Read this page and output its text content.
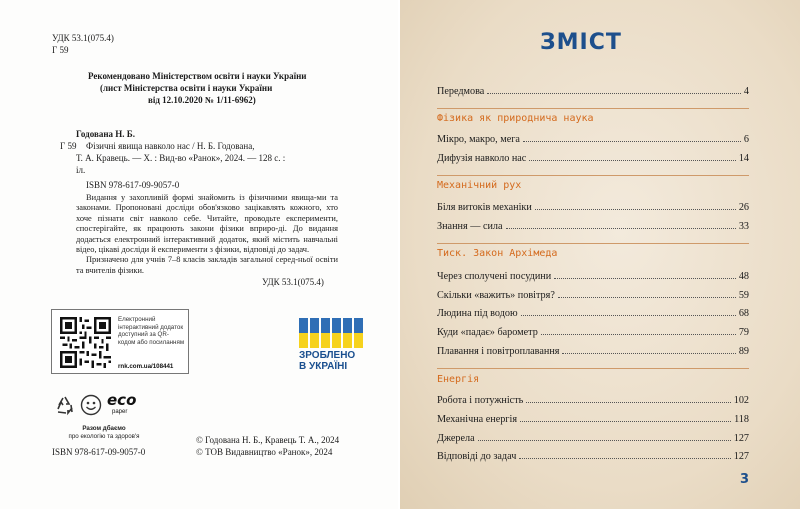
УДК 53.1(075.4)
Г 59
Рекомендовано Міністерством освіти і науки України
(лист Міністерства освіти і науки України
від 12.10.2020 № 1/11-6962)
Г 59
Годована Н. Б.
Фізичні явища навколо нас / Н. Б. Годована,
Т. А. Кравець. — Х. : Вид-во «Ранок», 2024. — 128 с. :
іл.
ISBN 978-617-09-9057-0

Видання у захопливій формі знайомить із фізичними явища-ми та законами. Пропоновані досліди обов'язково зацікавлять кожного, хто хоче пізнати світ навколо себе. Читайте, проводьте експерименти, спостерігайте, як працюють закони фізики вприро-ді. До видання додається електронний інтерактивний додаток, який містить навчальні відео, цікаві досліди й експерименти з фізики, відповіді до задач.

Призначено для учнів 7–8 класів закладів загальної серед-ньої освіти та вчителів фізики.

УДК 53.1(075.4)
Електронний інтерактивний додаток доступний за QR-кодом або посиланням
rnk.com.ua/108441
ЗРОБЛЕНО
В УКРАЇНІ
eco
paper
Разом дбаємо
про екологію та здоров'я
ISBN 978-617-09-9057-0
© Годована Н. Б., Кравець Т. А., 2024
© ТОВ Видавництво «Ранок», 2024
ЗМІСТ
Передмова	4
Фізика як природнича наука
Мікро, макро, мега	6
Дифузія навколо нас	14
Механічний рух
Біля витоків механіки	26
Знання — сила	33
Тиск. Закон Архімеда
Через сполучені посудини	48
Скільки «важить» повітря?	59
Людина під водою	68
Куди «падає» барометр	79
Плавання і повітроплавання	89
Енергія
Робота і потужність	102
Механічна енергія	118
Джерела	127
Відповіді до задач	127
3
